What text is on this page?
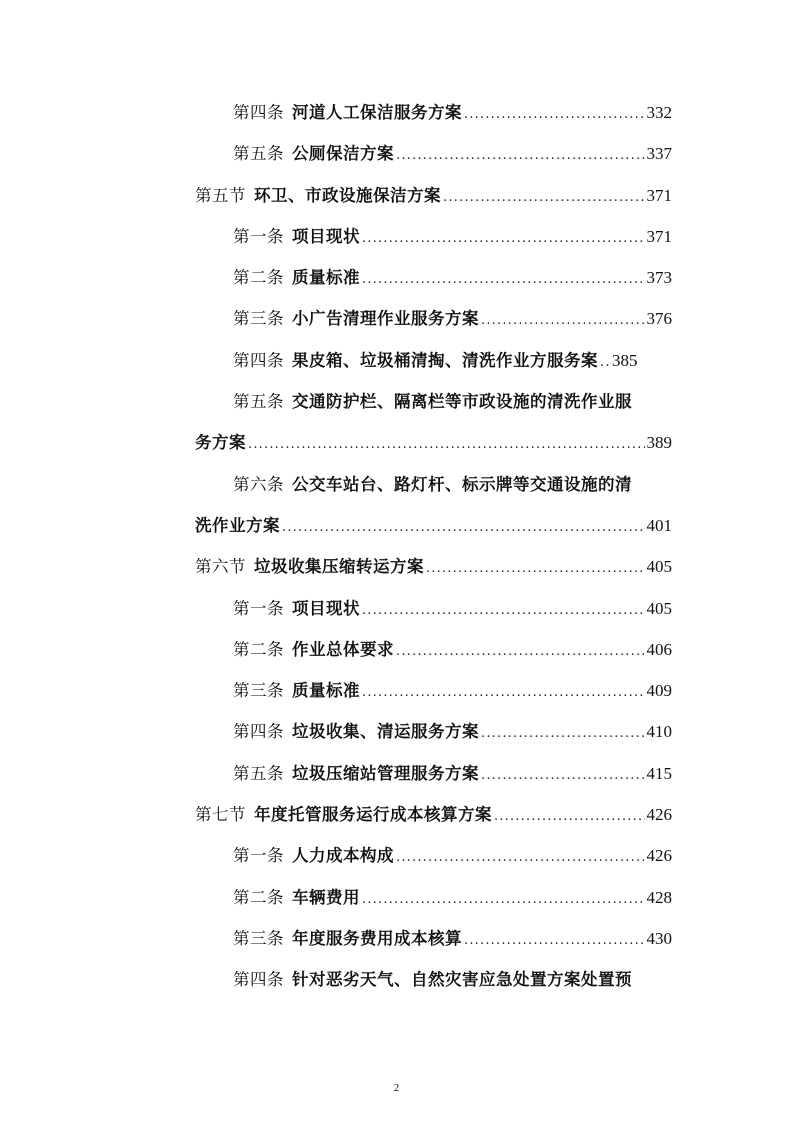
第四条 河道人工保洁服务方案 .....	332
第五条 公厕保洁方案 .....	337
第五节 环卫、市政设施保洁方案 .....	371
第一条 项目现状 .....	371
第二条 质量标准 .....	373
第三条 小广告清理作业服务方案 .....	376
第四条 果皮箱、垃圾桶清掏、清洗作业方服务案 ..... 385
第五条 交通防护栏、隔离栏等市政设施的清洗作业服
务方案 .....	389
第六条 公交车站台、路灯杆、标示牌等交通设施的清
洗作业方案 .....	401
第六节 垃圾收集压缩转运方案 .....	405
第一条 项目现状 .....	405
第二条 作业总体要求 .....	406
第三条 质量标准 .....	409
第四条 垃圾收集、清运服务方案 .....	410
第五条 垃圾压缩站管理服务方案 .....	415
第七节 年度托管服务运行成本核算方案 .....	426
第一条 人力成本构成 .....	426
第二条 车辆费用 .....	428
第三条 年度服务费用成本核算 .....	430
第四条 针对恶劣天气、自然灾害应急处置方案处置预
2
